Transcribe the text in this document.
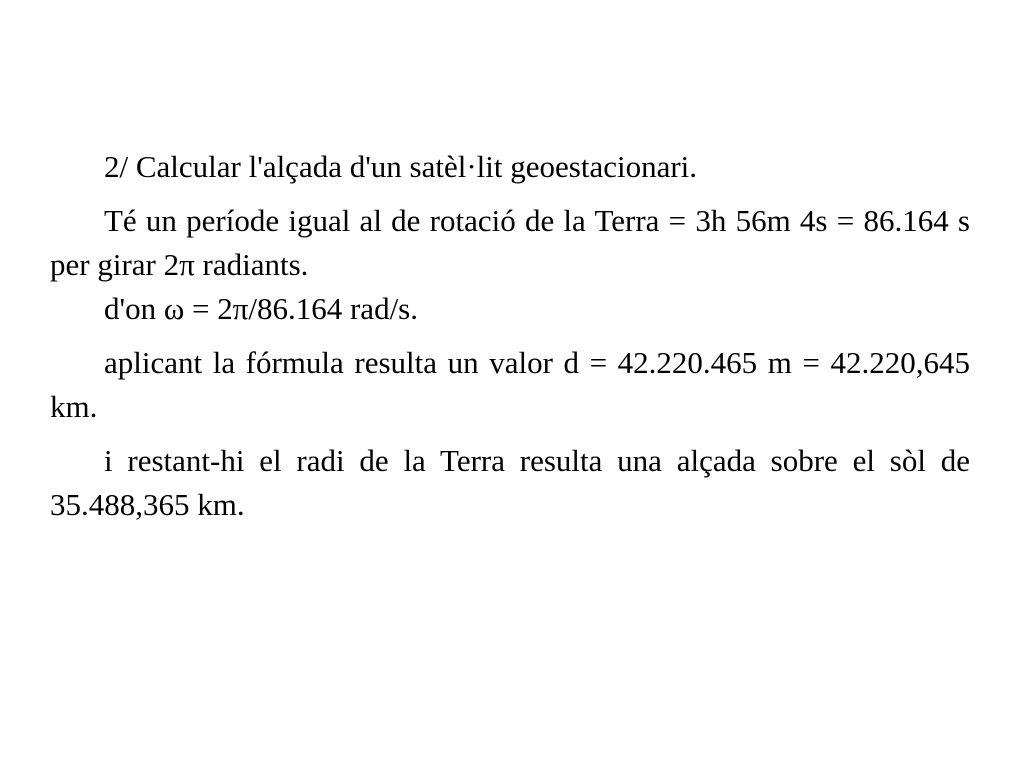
2/ Calcular l'alçada d'un satèl·lit geoestacionari.

Té un període igual al de rotació de la Terra = 3h 56m 4s = 86.164 s per girar 2π radiants.

d'on ω = 2π/86.164 rad/s.

aplicant la fórmula resulta un valor d = 42.220.465 m = 42.220,645 km.

i restant-hi el radi de la Terra resulta una alçada sobre el sòl de 35.488,365 km.
